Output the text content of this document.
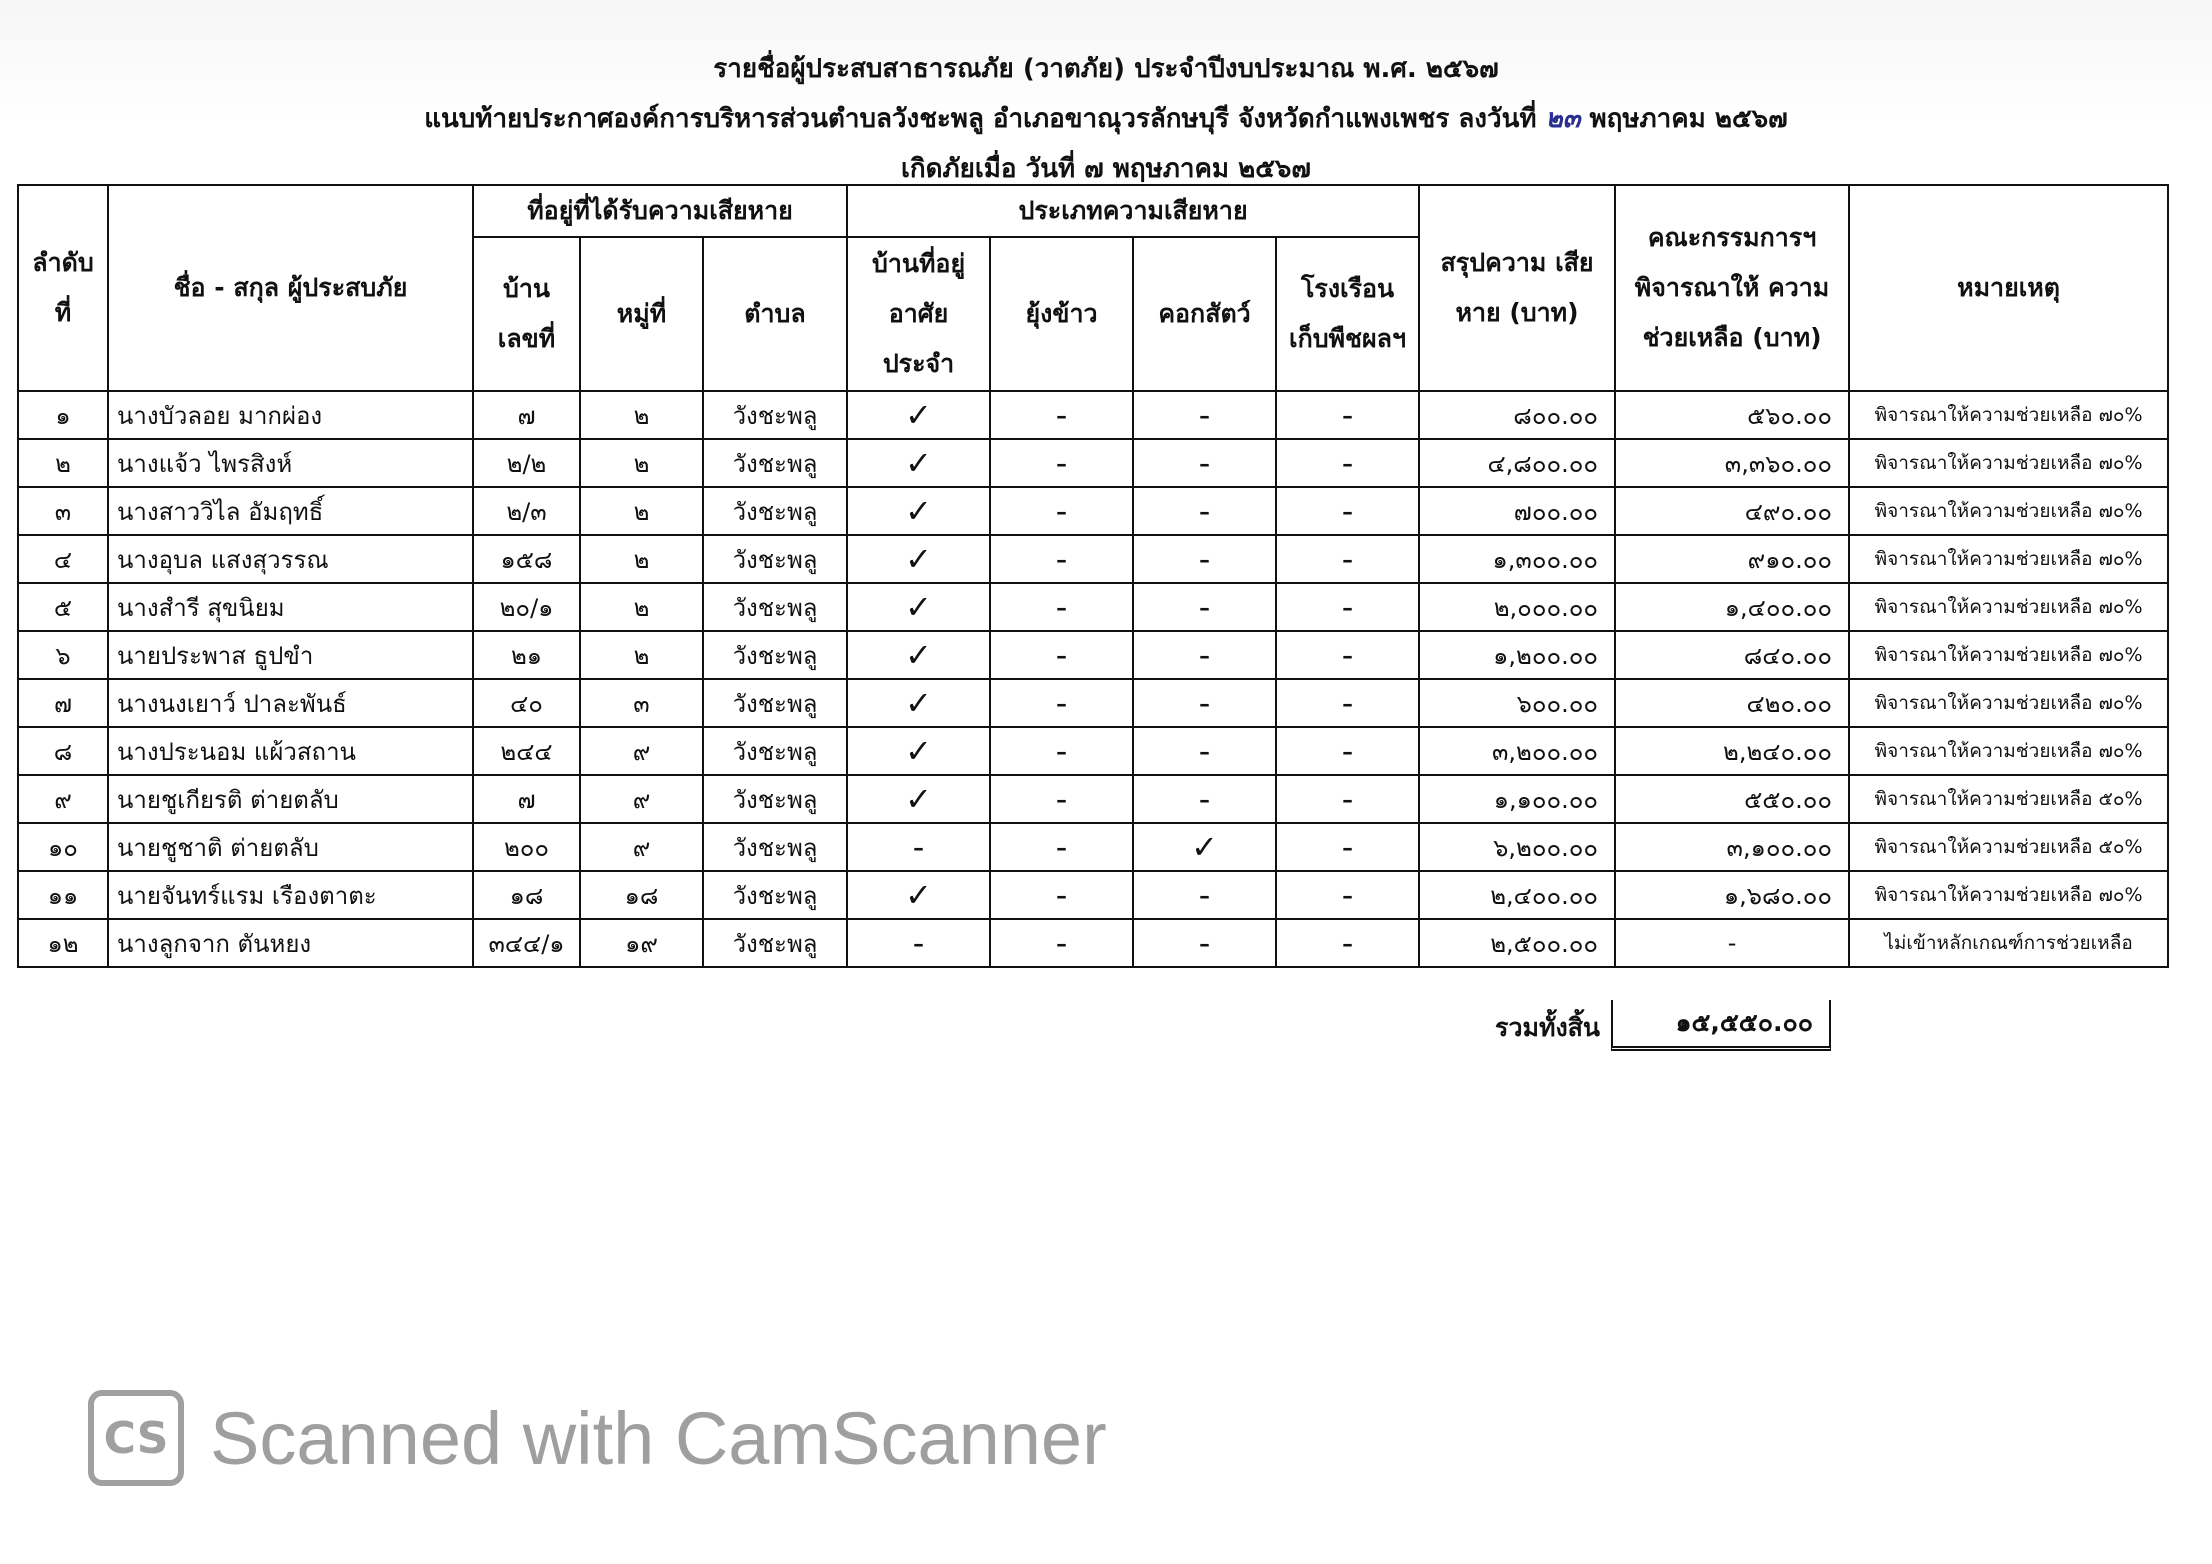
รายชื่อผู้ประสบสาธารณภัย (วาตภัย) ประจำปีงบประมาณ พ.ศ. ๒๕๖๗
แนบท้ายประกาศองค์การบริหารส่วนตำบลวังชะพลู อำเภอขาณุวรลักษบุรี จังหวัดกำแพงเพชร ลงวันที่ ๒๓ พฤษภาคม ๒๕๖๗
เกิดภัยเมื่อ วันที่ ๗ พฤษภาคม ๒๕๖๗
ลำดับ ที่	ชื่อ - สกุล ผู้ประสบภัย	ที่อยู่ที่ได้รับความเสียหาย			ประเภทความเสียหาย				สรุปความ เสียหาย (บาท)	คณะกรรมการฯ พิจารณาให้ ความช่วยเหลือ (บาท)	หมายเหตุ
		บ้าน เลขที่	หมู่ที่	ตำบล	บ้านที่อยู่ อาศัย ประจำ	ยุ้งข้าว	คอกสัตว์	โรงเรือน เก็บพืชผลฯ			
๑	นางบัวลอย มากผ่อง	๗	๒	วังชะพลู	✓	-	-	-	๘๐๐.๐๐	๕๖๐.๐๐	พิจารณาให้ความช่วยเหลือ ๗๐%
๒	นางแจ้ว ไพรสิงห์	๒/๒	๒	วังชะพลู	✓	-	-	-	๔,๘๐๐.๐๐	๓,๓๖๐.๐๐	พิจารณาให้ความช่วยเหลือ ๗๐%
๓	นางสาววิไล อัมฤทธิ์	๒/๓	๒	วังชะพลู	✓	-	-	-	๗๐๐.๐๐	๔๙๐.๐๐	พิจารณาให้ความช่วยเหลือ ๗๐%
๔	นางอุบล แสงสุวรรณ	๑๕๘	๒	วังชะพลู	✓	-	-	-	๑,๓๐๐.๐๐	๙๑๐.๐๐	พิจารณาให้ความช่วยเหลือ ๗๐%
๕	นางสำรี สุขนิยม	๒๐/๑	๒	วังชะพลู	✓	-	-	-	๒,๐๐๐.๐๐	๑,๔๐๐.๐๐	พิจารณาให้ความช่วยเหลือ ๗๐%
๖	นายประพาส ธูปขำ	๒๑	๒	วังชะพลู	✓	-	-	-	๑,๒๐๐.๐๐	๘๔๐.๐๐	พิจารณาให้ความช่วยเหลือ ๗๐%
๗	นางนงเยาว์ ปาละพันธ์	๔๐	๓	วังชะพลู	✓	-	-	-	๖๐๐.๐๐	๔๒๐.๐๐	พิจารณาให้ความช่วยเหลือ ๗๐%
๘	นางประนอม แผ้วสถาน	๒๔๔	๙	วังชะพลู	✓	-	-	-	๓,๒๐๐.๐๐	๒,๒๔๐.๐๐	พิจารณาให้ความช่วยเหลือ ๗๐%
๙	นายชูเกียรติ ต่ายตลับ	๗	๙	วังชะพลู	✓	-	-	-	๑,๑๐๐.๐๐	๕๕๐.๐๐	พิจารณาให้ความช่วยเหลือ ๕๐%
๑๐	นายชูชาติ ต่ายตลับ	๒๐๐	๙	วังชะพลู	-	-	✓	-	๖,๒๐๐.๐๐	๓,๑๐๐.๐๐	พิจารณาให้ความช่วยเหลือ ๕๐%
๑๑	นายจันทร์แรม เรืองตาตะ	๑๘	๑๘	วังชะพลู	✓	-	-	-	๒,๔๐๐.๐๐	๑,๖๘๐.๐๐	พิจารณาให้ความช่วยเหลือ ๗๐%
๑๒	นางลูกจาก ตันหยง	๓๔๔/๑	๑๙	วังชะพลู	-	-	-	-	๒,๕๐๐.๐๐	-	ไม่เข้าหลักเกณฑ์การช่วยเหลือ
รวมทั้งสิ้น	๑๕,๕๕๐.๐๐
CS Scanned with CamScanner
